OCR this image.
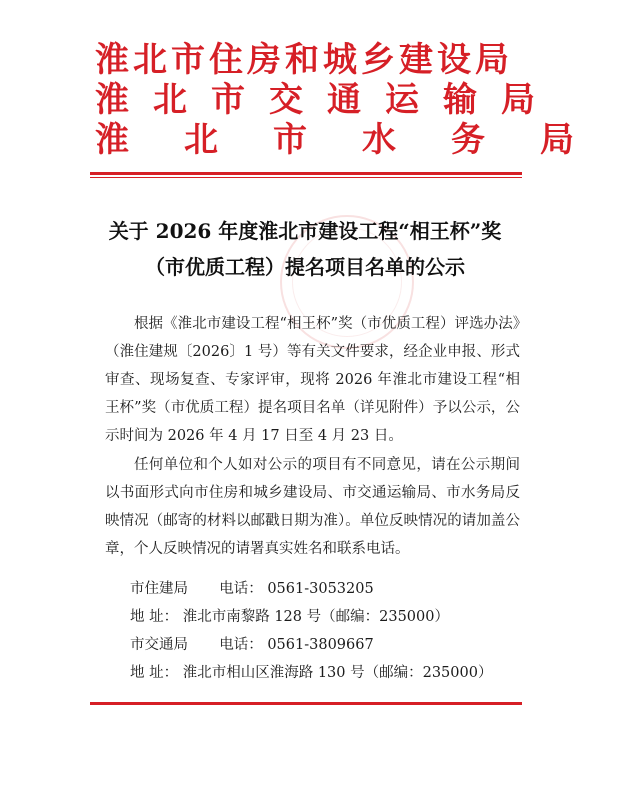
淮北市住房和城乡建设局
淮北市交通运输局
淮北市水务局
关于 2026 年度淮北市建设工程“相王杯”奖
（市优质工程）提名项目名单的公示

根据《淮北市建设工程“相王杯”奖（市优质工程）评选办法》（淮住建规〔2026〕1 号）等有关文件要求，经企业申报、形式审查、现场复查、专家评审，现将 2026 年淮北市建设工程“相王杯”奖（市优质工程）提名项目名单（详见附件）予以公示，公示时间为 2026 年 4 月 17 日至 4 月 23 日。

任何单位和个人如对公示的项目有不同意见，请在公示期间以书面形式向市住房和城乡建设局、市交通运输局、市水务局反映情况（邮寄的材料以邮戳日期为准）。单位反映情况的请加盖公章，个人反映情况的请署真实姓名和联系电话。

市住建局 电话： 0561-3053205
地 址： 淮北市南黎路 128 号（邮编：235000）
市交通局 电话： 0561-3809667
地 址： 淮北市相山区淮海路 130 号（邮编：235000）
